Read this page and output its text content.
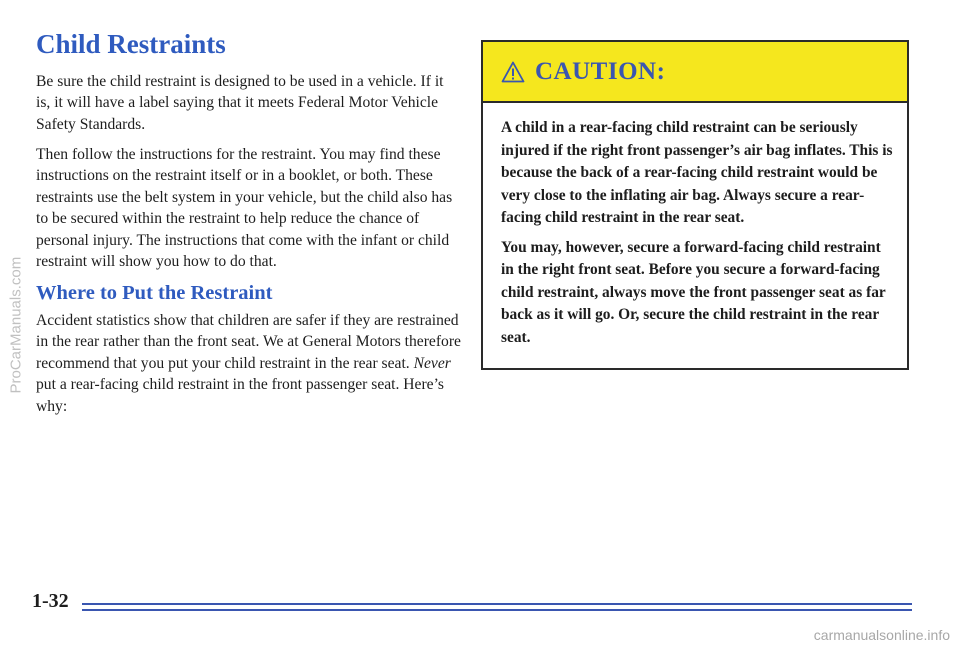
Child Restraints

Be sure the child restraint is designed to be used in a vehicle. If it is, it will have a label saying that it meets Federal Motor Vehicle Safety Standards.

Then follow the instructions for the restraint. You may find these instructions on the restraint itself or in a booklet, or both. These restraints use the belt system in your vehicle, but the child also has to be secured within the restraint to help reduce the chance of personal injury. The instructions that come with the infant or child restraint will show you how to do that.

Where to Put the Restraint

Accident statistics show that children are safer if they are restrained in the rear rather than the front seat. We at General Motors therefore recommend that you put your child restraint in the rear seat. Never put a rear-facing child restraint in the front passenger seat. Here’s why:

CAUTION:

A child in a rear-facing child restraint can be seriously injured if the right front passenger’s air bag inflates. This is because the back of a rear-facing child restraint would be very close to the inflating air bag. Always secure a rear-facing child restraint in the rear seat.

You may, however, secure a forward-facing child restraint in the right front seat. Before you secure a forward-facing child restraint, always move the front passenger seat as far back as it will go. Or, secure the child restraint in the rear seat.

1-32
ProCarManuals.com
carmanualsonline.info
